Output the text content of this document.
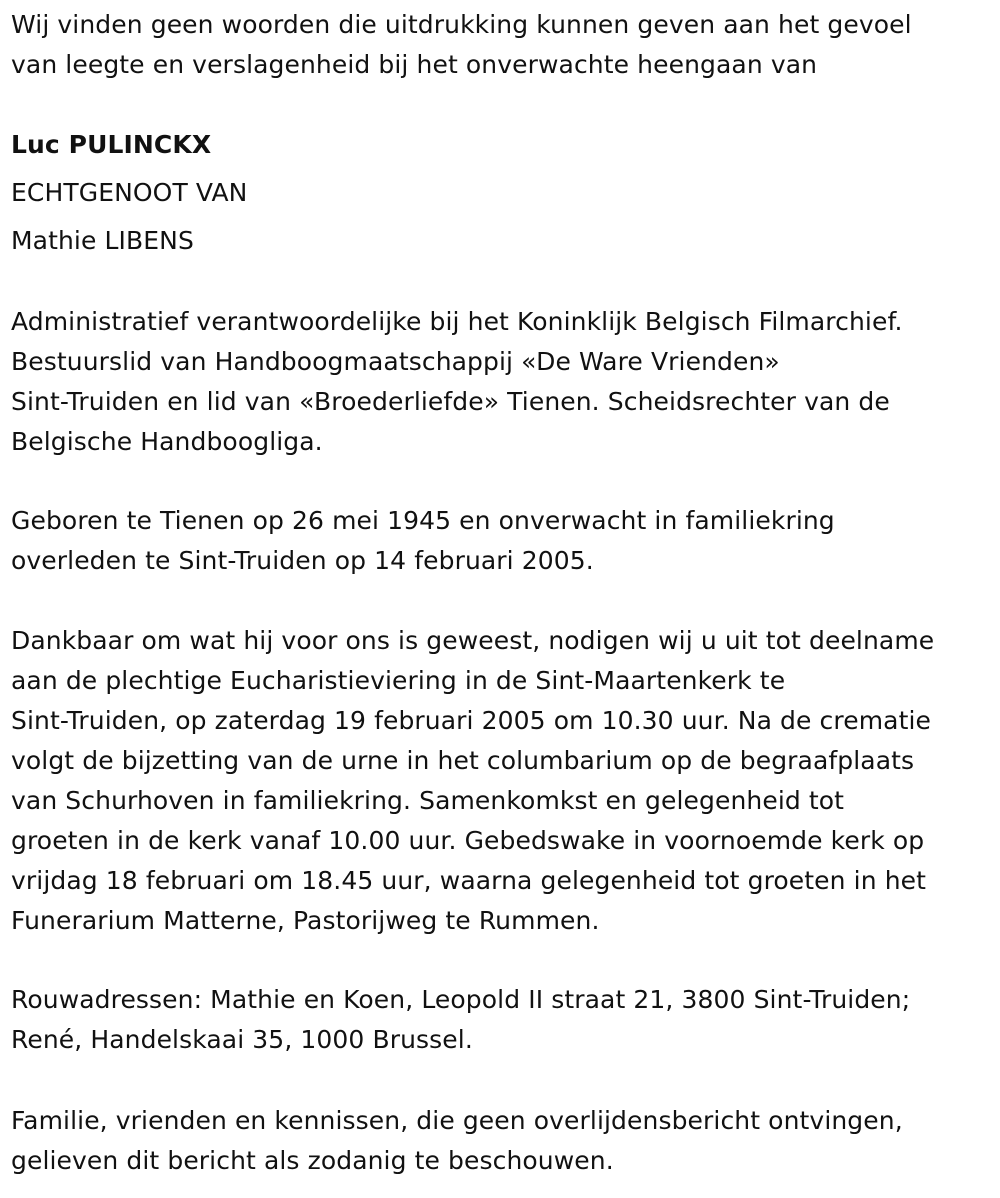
Wij vinden geen woorden die uitdrukking kunnen geven aan het gevoel
van leegte en verslagenheid bij het onverwachte heengaan van
Luc PULINCKX
ECHTGENOOT VAN
Mathie LIBENS
Administratief verantwoordelijke bij het Koninklijk Belgisch Filmarchief.
Bestuurslid van Handboogmaatschappij «De Ware Vrienden»
Sint-Truiden en lid van «Broederliefde» Tienen. Scheidsrechter van de
Belgische Handboogliga.
Geboren te Tienen op 26 mei 1945 en onverwacht in familiekring
overleden te Sint-Truiden op 14 februari 2005.
Dankbaar om wat hij voor ons is geweest, nodigen wij u uit tot deelname
aan de plechtige Eucharistieviering in de Sint-Maartenkerk te
Sint-Truiden, op zaterdag 19 februari 2005 om 10.30 uur. Na de crematie
volgt de bijzetting van de urne in het columbarium op de begraafplaats
van Schurhoven in familiekring. Samenkomkst en gelegenheid tot
groeten in de kerk vanaf 10.00 uur. Gebedswake in voornoemde kerk op
vrijdag 18 februari om 18.45 uur, waarna gelegenheid tot groeten in het
Funerarium Matterne, Pastorijweg te Rummen.
Rouwadressen: Mathie en Koen, Leopold II straat 21, 3800 Sint-Truiden;
René, Handelskaai 35, 1000 Brussel.
Familie, vrienden en kennissen, die geen overlijdensbericht ontvingen,
gelieven dit bericht als zodanig te beschouwen.
